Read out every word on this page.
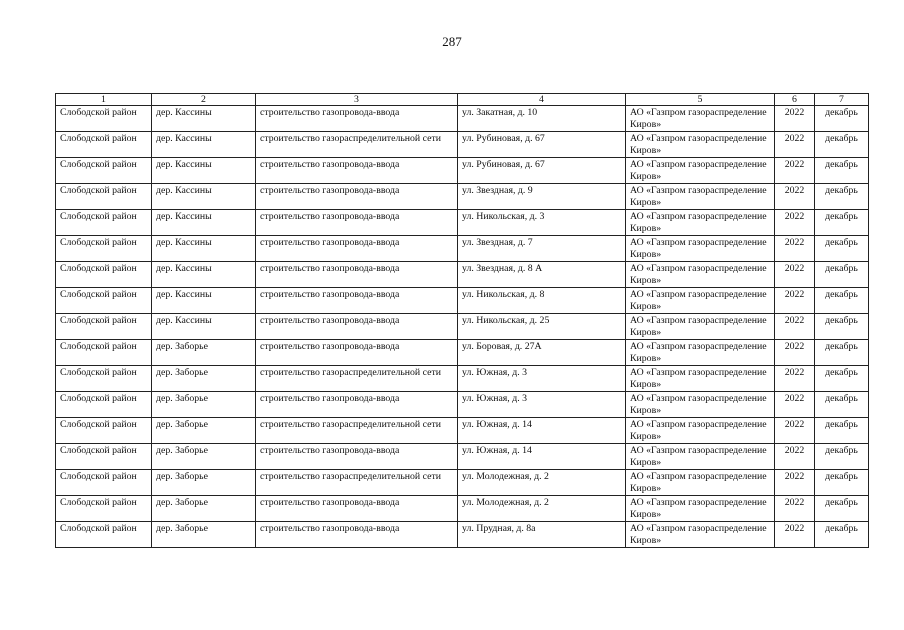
287
1	2	3	4	5	6	7
Слободской район	дер. Кассины	строительство газопровода-ввода	ул. Закатная, д. 10	АО «Газпром газораспределение Киров»	2022	декабрь
Слободской район	дер. Кассины	строительство газораспределительной сети	ул. Рубиновая, д. 67	АО «Газпром газораспределение Киров»	2022	декабрь
Слободской район	дер. Кассины	строительство газопровода-ввода	ул. Рубиновая, д. 67	АО «Газпром газораспределение Киров»	2022	декабрь
Слободской район	дер. Кассины	строительство газопровода-ввода	ул. Звездная, д. 9	АО «Газпром газораспределение Киров»	2022	декабрь
Слободской район	дер. Кассины	строительство газопровода-ввода	ул. Никольская, д. 3	АО «Газпром газораспределение Киров»	2022	декабрь
Слободской район	дер. Кассины	строительство газопровода-ввода	ул. Звездная, д. 7	АО «Газпром газораспределение Киров»	2022	декабрь
Слободской район	дер. Кассины	строительство газопровода-ввода	ул. Звездная, д. 8 А	АО «Газпром газораспределение Киров»	2022	декабрь
Слободской район	дер. Кассины	строительство газопровода-ввода	ул. Никольская, д. 8	АО «Газпром газораспределение Киров»	2022	декабрь
Слободской район	дер. Кассины	строительство газопровода-ввода	ул. Никольская, д. 25	АО «Газпром газораспределение Киров»	2022	декабрь
Слободской район	дер. Заборье	строительство газопровода-ввода	ул. Боровая, д. 27А	АО «Газпром газораспределение Киров»	2022	декабрь
Слободской район	дер. Заборье	строительство газораспределительной сети	ул. Южная, д. 3	АО «Газпром газораспределение Киров»	2022	декабрь
Слободской район	дер. Заборье	строительство газопровода-ввода	ул. Южная, д. 3	АО «Газпром газораспределение Киров»	2022	декабрь
Слободской район	дер. Заборье	строительство газораспределительной сети	ул. Южная, д. 14	АО «Газпром газораспределение Киров»	2022	декабрь
Слободской район	дер. Заборье	строительство газопровода-ввода	ул. Южная, д. 14	АО «Газпром газораспределение Киров»	2022	декабрь
Слободской район	дер. Заборье	строительство газораспределительной сети	ул. Молодежная, д. 2	АО «Газпром газораспределение Киров»	2022	декабрь
Слободской район	дер. Заборье	строительство газопровода-ввода	ул. Молодежная, д. 2	АО «Газпром газораспределение Киров»	2022	декабрь
Слободской район	дер. Заборье	строительство газопровода-ввода	ул. Прудная, д. 8а	АО «Газпром газораспределение Киров»	2022	декабрь
